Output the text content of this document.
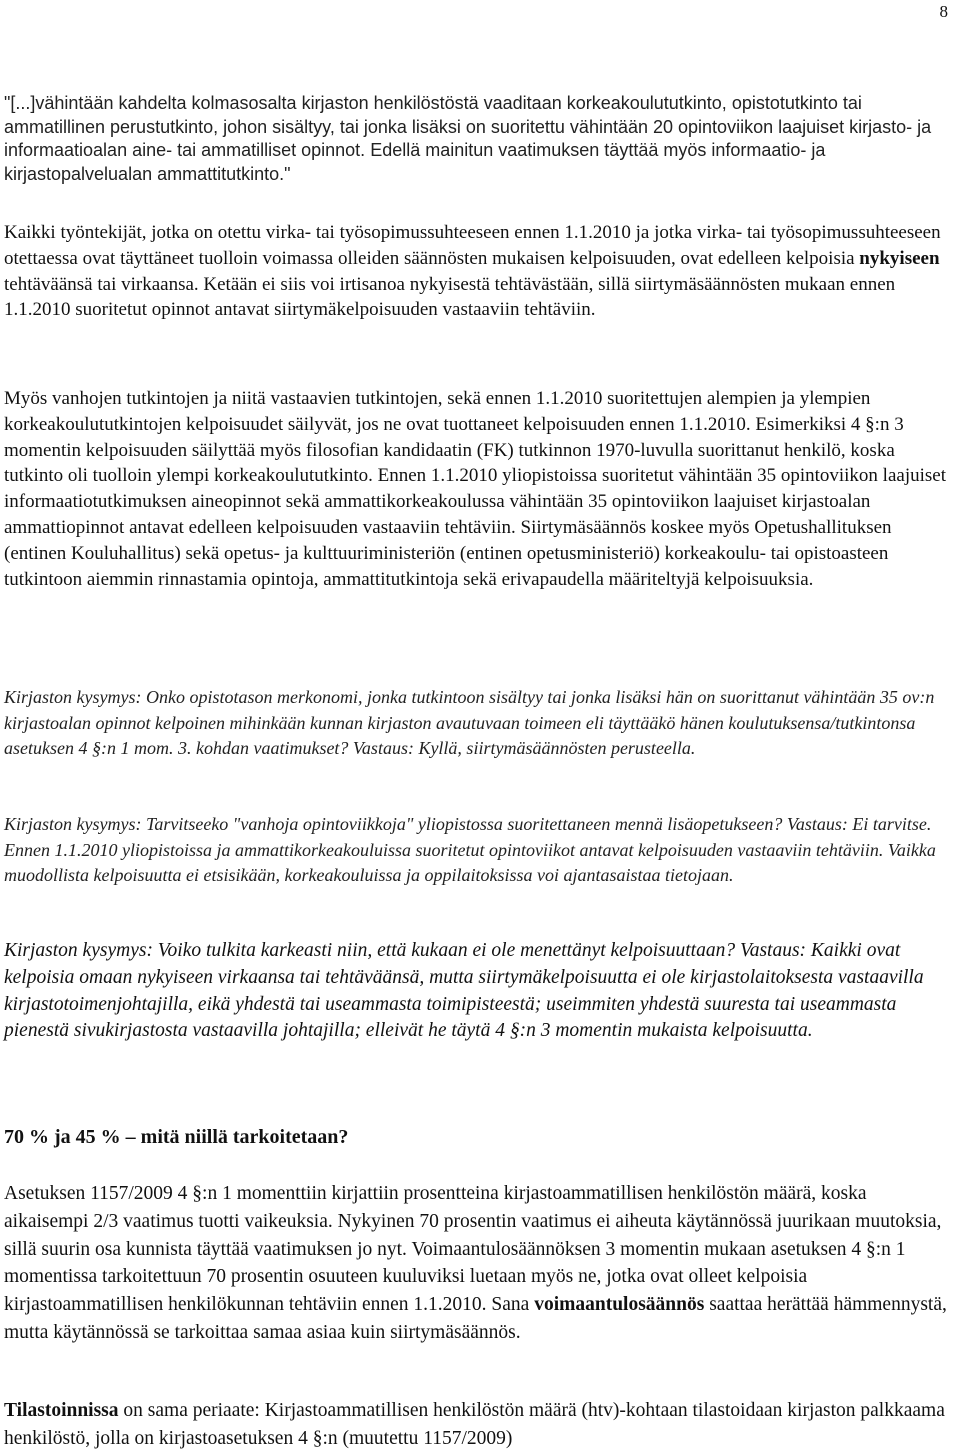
8

"[...]vähintään kahdelta kolmasosalta kirjaston henkilöstöstä vaaditaan korkeakoulututkinto, opistotutkinto tai ammatillinen perustutkinto, johon sisältyy, tai jonka lisäksi on suoritettu vähintään 20 opintoviikon laajuiset kirjasto- ja informaatioalan aine- tai ammatilliset opinnot. Edellä mainitun vaatimuksen täyttää myös informaatio- ja kirjastopalvelualan ammattitutkinto."

Kaikki työntekijät, jotka on otettu virka- tai työsopimussuhteeseen ennen 1.1.2010 ja jotka virka- tai työsopimussuhteeseen otettaessa ovat täyttäneet tuolloin voimassa olleiden säännösten mukaisen kelpoisuuden, ovat edelleen kelpoisia nykyiseen tehtäväänsä tai virkaansa. Ketään ei siis voi irtisanoa nykyisestä tehtävästään, sillä siirtymäsäännösten mukaan ennen 1.1.2010 suoritetut opinnot antavat siirtymäkelpoisuuden vastaaviin tehtäviin.

Myös vanhojen tutkintojen ja niitä vastaavien tutkintojen, sekä ennen 1.1.2010 suoritettujen alempien ja ylempien korkeakoulututkintojen kelpoisuudet säilyvät, jos ne ovat tuottaneet kelpoisuuden ennen 1.1.2010. Esimerkiksi 4 §:n 3 momentin kelpoisuuden säilyttää myös filosofian kandidaatin (FK) tutkinnon 1970-luvulla suorittanut henkilö, koska tutkinto oli tuolloin ylempi korkeakoulututkinto. Ennen 1.1.2010 yliopistoissa suoritetut vähintään 35 opintoviikon laajuiset informaatiotutkimuksen aineopinnot sekä ammattikorkeakoulussa vähintään 35 opintoviikon laajuiset kirjastoalan ammattiopinnot antavat edelleen kelpoisuuden vastaaviin tehtäviin. Siirtymäsäännös koskee myös Opetushallituksen (entinen Kouluhallitus) sekä opetus- ja kulttuuriministeriön (entinen opetusministeriö) korkeakoulu- tai opistoasteen tutkintoon aiemmin rinnastamia opintoja, ammattitutkintoja sekä erivapaudella määriteltyjä kelpoisuuksia.

Kirjaston kysymys: Onko opistotason merkonomi, jonka tutkintoon sisältyy tai jonka lisäksi hän on suorittanut vähintään 35 ov:n kirjastoalan opinnot kelpoinen mihinkään kunnan kirjaston avautuvaan toimeen eli täyttääkö hänen koulutuksensa/tutkintonsa asetuksen 4 §:n 1 mom. 3. kohdan vaatimukset? Vastaus: Kyllä, siirtymäsäännösten perusteella.

Kirjaston kysymys: Tarvitseeko "vanhoja opintoviikkoja" yliopistossa suoritettaneen mennä lisäopetukseen? Vastaus: Ei tarvitse. Ennen 1.1.2010 yliopistoissa ja ammattikorkeakouluissa suoritetut opintoviikot antavat kelpoisuuden vastaaviin tehtäviin. Vaikka muodollista kelpoisuutta ei etsisikään, korkeakouluissa ja oppilaitoksissa voi ajantasaistaa tietojaan.

Kirjaston kysymys: Voiko tulkita karkeasti niin, että kukaan ei ole menettänyt kelpoisuuttaan? Vastaus: Kaikki ovat kelpoisia omaan nykyiseen virkaansa tai tehtäväänsä, mutta siirtymäkelpoisuutta ei ole kirjastolaitoksesta vastaavilla kirjastotoimenjohtajilla, eikä yhdestä tai useammasta toimipisteestä; useimmiten yhdestä suuresta tai useammasta pienestä sivukirjastosta vastaavilla johtajilla; elleivät he täytä 4 §:n 3 momentin mukaista kelpoisuutta.

70 % ja 45 % – mitä niillä tarkoitetaan?

Asetuksen 1157/2009 4 §:n 1 momenttiin kirjattiin prosentteina kirjastoammatillisen henkilöstön määrä, koska aikaisempi 2/3 vaatimus tuotti vaikeuksia. Nykyinen 70 prosentin vaatimus ei aiheuta käytännössä juurikaan muutoksia, sillä suurin osa kunnista täyttää vaatimuksen jo nyt. Voimaantulosäännöksen 3 momentin mukaan asetuksen 4 §:n 1 momentissa tarkoitettuun 70 prosentin osuuteen kuuluviksi luetaan myös ne, jotka ovat olleet kelpoisia kirjastoammatillisen henkilökunnan tehtäviin ennen 1.1.2010. Sana voimaantulosäännös saattaa herättää hämmennystä, mutta käytännössä se tarkoittaa samaa asiaa kuin siirtymäsäännös.

Tilastoinnissa on sama periaate: Kirjastoammatillisen henkilöstön määrä (htv)-kohtaan tilastoidaan kirjaston palkkaama henkilöstö, jolla on kirjastoasetuksen 4 §:n (muutettu 1157/2009)
